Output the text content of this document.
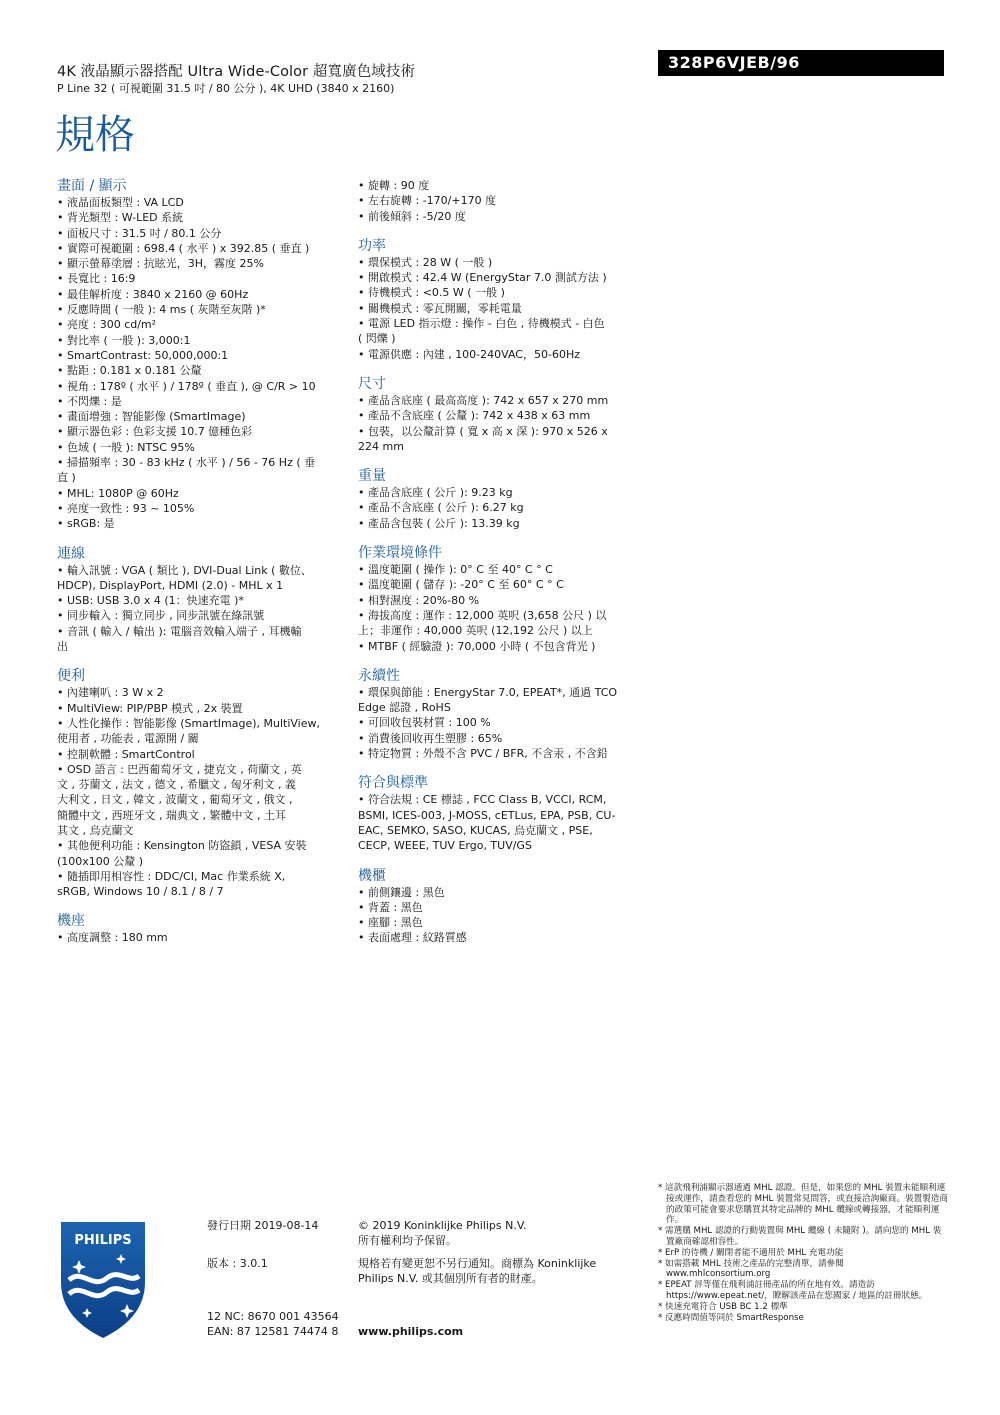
4K 液晶顯示器搭配 Ultra Wide-Color 超寬廣色域技術
P Line 32 ( 可視範圍 31.5 吋 / 80 公分 ), 4K UHD (3840 x 2160)
328P6VJEB/96
規格
畫面 / 顯示
• 液晶面板類型 : VA LCD
• 背光類型 : W-LED 系統
• 面板尺寸 : 31.5 吋 / 80.1 公分
• 實際可視範圍 : 698.4 ( 水平 ) x 392.85 ( 垂直 )
• 顯示螢幕塗層 : 抗眩光，3H，霧度 25%
• 長寬比 : 16:9
• 最佳解析度 : 3840 x 2160 @ 60Hz
• 反應時間 ( 一般 ): 4 ms ( 灰階至灰階 )*
• 亮度 : 300 cd/m²
• 對比率 ( 一般 ): 3,000:1
• SmartContrast: 50,000,000:1
• 點距 : 0.181 x 0.181 公釐
• 視角 : 178º ( 水平 ) / 178º ( 垂直 ), @ C/R > 10
• 不閃爍 : 是
• 畫面增強 : 智能影像 (SmartImage)
• 顯示器色彩 : 色彩支援 10.7 億種色彩
• 色域 ( 一般 ): NTSC 95%
• 掃描頻率 : 30 - 83 kHz ( 水平 ) / 56 - 76 Hz ( 垂
直 )
• MHL: 1080P @ 60Hz
• 亮度一致性 : 93 ~ 105%
• sRGB: 是
連線
• 輸入訊號 : VGA ( 類比 ), DVI-Dual Link ( 數位、
HDCP), DisplayPort, HDMI (2.0) - MHL x 1
• USB: USB 3.0 x 4 (1：快速充電 )*
• 同步輸入 : 獨立同步 , 同步訊號在綠訊號
• 音訊 ( 輸入 / 輸出 ): 電腦音效輸入端子 , 耳機輸
出
便利
• 內建喇叭 : 3 W x 2
• MultiView: PIP/PBP 模式 , 2x 裝置
• 人性化操作 : 智能影像 (SmartImage), MultiView,
使用者 , 功能表 , 電源開 / 關
• 控制軟體 : SmartControl
• OSD 語言 : 巴西葡萄牙文 , 捷克文 , 荷蘭文 , 英
文 , 芬蘭文 , 法文 , 德文 , 希臘文 , 匈牙利文 , 義
大利文 , 日文 , 韓文 , 波蘭文 , 葡萄牙文 , 俄文 ,
簡體中文 , 西班牙文 , 瑞典文 , 繁體中文 , 土耳
其文 , 烏克蘭文
• 其他便利功能 : Kensington 防盜鎖 , VESA 安裝
(100x100 公釐 )
• 隨插即用相容性 : DDC/CI, Mac 作業系統 X,
sRGB, Windows 10 / 8.1 / 8 / 7
機座
• 高度調整 : 180 mm
• 旋轉 : 90 度
• 左右旋轉 : -170/+170 度
• 前後傾斜 : -5/20 度
功率
• 環保模式 : 28 W ( 一般 )
• 開啟模式 : 42.4 W (EnergyStar 7.0 測試方法 )
• 待機模式 : <0.5 W ( 一般 )
• 關機模式 : 零瓦開關，零耗電量
• 電源 LED 指示燈 : 操作 - 白色 , 待機模式 - 白色
( 閃爍 )
• 電源供應 : 內建 , 100-240VAC，50-60Hz
尺寸
• 產品含底座 ( 最高高度 ): 742 x 657 x 270 mm
• 產品不含底座 ( 公釐 ): 742 x 438 x 63 mm
• 包裝，以公釐計算 ( 寬 x 高 x 深 ): 970 x 526 x
224 mm
重量
• 產品含底座 ( 公斤 ): 9.23 kg
• 產品不含底座 ( 公斤 ): 6.27 kg
• 產品含包裝 ( 公斤 ): 13.39 kg
作業環境條件
• 溫度範圍 ( 操作 ): 0° C 至 40° C ° C
• 溫度範圍 ( 儲存 ): -20° C 至 60° C ° C
• 相對濕度 : 20%-80 %
• 海拔高度 : 運作 : 12,000 英呎 (3,658 公尺 ) 以
上；非運作 : 40,000 英呎 (12,192 公尺 ) 以上
• MTBF ( 經驗證 ): 70,000 小時 ( 不包含背光 )
永續性
• 環保與節能 : EnergyStar 7.0, EPEAT*, 通過 TCO
Edge 認證 , RoHS
• 可回收包裝材質 : 100 %
• 消費後回收再生塑膠 : 65%
• 特定物質 : 外殼不含 PVC / BFR, 不含汞 , 不含鉛
符合與標準
• 符合法規 : CE 標誌 , FCC Class B, VCCI, RCM,
BSMI, ICES-003, J-MOSS, cETLus, EPA, PSB, CU-
EAC, SEMKO, SASO, KUCAS, 烏克蘭文 , PSE,
CECP, WEEE, TUV Ergo, TUV/GS
機櫃
• 前側鑲邊 : 黑色
• 背蓋 : 黑色
• 座腳 : 黑色
• 表面處理 : 紋路質感
PHILIPS
發行日期 2019-08-14
版本 : 3.0.1
12 NC: 8670 001 43564
EAN: 87 12581 74474 8
© 2019 Koninklijke Philips N.V.
所有權利均予保留。
規格若有變更恕不另行通知。商標為 Koninklijke
Philips N.V. 或其個別所有者的財產。
www.philips.com
* 這款飛利浦顯示器通過 MHL 認證。但是，如果您的 MHL 裝置未能順利連接或運作，請查看您的 MHL 裝置常見問答，或直接洽詢廠商。裝置製造商的政策可能會要求您購買其特定品牌的 MHL 纜線或轉接器，才能順利運作。
* 需選購 MHL 認證的行動裝置與 MHL 纜線 ( 未隨附 )。請向您的 MHL 裝置廠商確認相容性。
* ErP 的待機 / 關閉者能不適用於 MHL 充電功能
* 如需搭載 MHL 技術之產品的完整清單，請參閱 www.mhlconsortium.org
* EPEAT 評等僅在飛利浦註冊產品的所在地有效。請造訪 https://www.epeat.net/，瞭解該產品在您國家 / 地區的註冊狀態。
* 快速充電符合 USB BC 1.2 標準
* 反應時間值等同於 SmartResponse
